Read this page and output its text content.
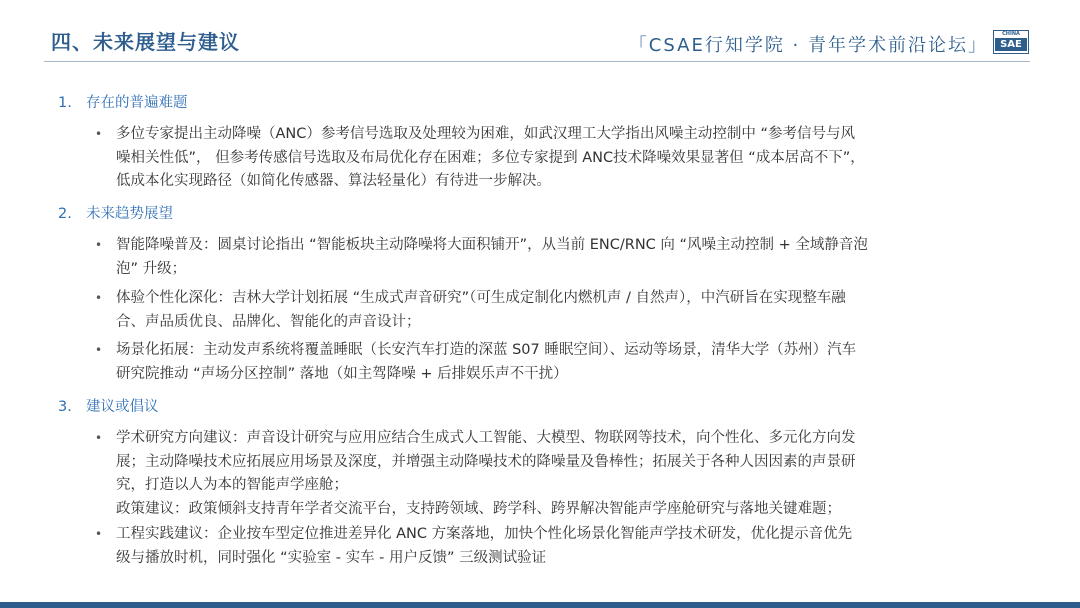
四、未来展望与建议	「CSAE行知学院 · 青年学术前沿论坛」
CHINA
SAE
1. 存在的普遍难题
• 多位专家提出主动降噪（ANC）参考信号选取及处理较为困难，如武汉理工大学指出风噪主动控制中 “参考信号与风
噪相关性低”， 但参考传感信号选取及布局优化存在困难；多位专家提到 ANC技术降噪效果显著但 “成本居高不下”，
低成本化实现路径（如简化传感器、算法轻量化）有待进一步解决。
2. 未来趋势展望
• 智能降噪普及：圆桌讨论指出 “智能板块主动降噪将大面积铺开”，从当前 ENC/RNC 向 “风噪主动控制 + 全域静音泡
泡” 升级；
• 体验个性化深化：吉林大学计划拓展 “生成式声音研究”（可生成定制化内燃机声 / 自然声），中汽研旨在实现整车融
合、声品质优良、品牌化、智能化的声音设计；
• 场景化拓展：主动发声系统将覆盖睡眠（长安汽车打造的深蓝 S07 睡眠空间）、运动等场景，清华大学（苏州）汽车
研究院推动 “声场分区控制” 落地（如主驾降噪 + 后排娱乐声不干扰）
3. 建议或倡议
• 学术研究方向建议：声音设计研究与应用应结合生成式人工智能、大模型、物联网等技术，向个性化、多元化方向发
展；主动降噪技术应拓展应用场景及深度，并增强主动降噪技术的降噪量及鲁棒性；拓展关于各种人因因素的声景研
究，打造以人为本的智能声学座舱；
政策建议：政策倾斜支持青年学者交流平台，支持跨领域、跨学科、跨界解决智能声学座舱研究与落地关键难题；
• 工程实践建议：企业按车型定位推进差异化 ANC 方案落地，加快个性化场景化智能声学技术研发，优化提示音优先
级与播放时机，同时强化 “实验室 - 实车 - 用户反馈” 三级测试验证
